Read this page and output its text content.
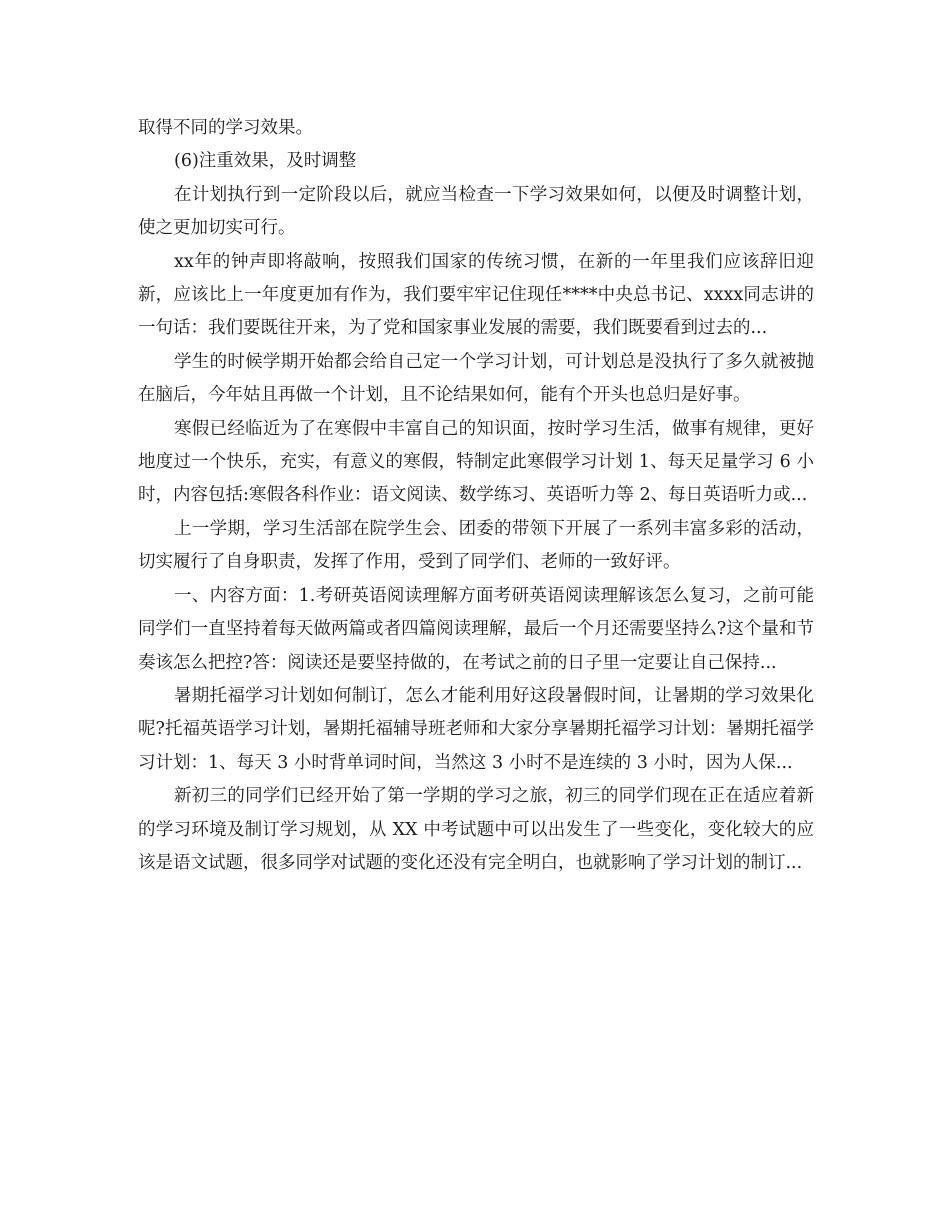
取得不同的学习效果。

(6)注重效果，及时调整

在计划执行到一定阶段以后，就应当检查一下学习效果如何，以便及时调整计划，使之更加切实可行。

xx年的钟声即将敲响，按照我们国家的传统习惯，在新的一年里我们应该辞旧迎新，应该比上一年度更加有作为，我们要牢牢记住现任****中央总书记、xxxx同志讲的一句话：我们要既往开来，为了党和国家事业发展的需要，我们既要看到过去的...

学生的时候学期开始都会给自己定一个学习计划，可计划总是没执行了多久就被抛在脑后，今年姑且再做一个计划，且不论结果如何，能有个开头也总归是好事。

寒假已经临近为了在寒假中丰富自己的知识面，按时学习生活，做事有规律，更好地度过一个快乐，充实，有意义的寒假，特制定此寒假学习计划 1、每天足量学习 6 小时，内容包括:寒假各科作业：语文阅读、数学练习、英语听力等 2、每日英语听力或...

上一学期，学习生活部在院学生会、团委的带领下开展了一系列丰富多彩的活动，切实履行了自身职责，发挥了作用，受到了同学们、老师的一致好评。

一、内容方面：1.考研英语阅读理解方面考研英语阅读理解该怎么复习，之前可能同学们一直坚持着每天做两篇或者四篇阅读理解，最后一个月还需要坚持么?这个量和节奏该怎么把控?答：阅读还是要坚持做的，在考试之前的日子里一定要让自己保持...

暑期托福学习计划如何制订，怎么才能利用好这段暑假时间，让暑期的学习效果化呢?托福英语学习计划，暑期托福辅导班老师和大家分享暑期托福学习计划：暑期托福学习计划：1、每天 3 小时背单词时间，当然这 3 小时不是连续的 3 小时，因为人保...

新初三的同学们已经开始了第一学期的学习之旅，初三的同学们现在正在适应着新的学习环境及制订学习规划，从 XX 中考试题中可以出发生了一些变化，变化较大的应该是语文试题，很多同学对试题的变化还没有完全明白，也就影响了学习计划的制订...
